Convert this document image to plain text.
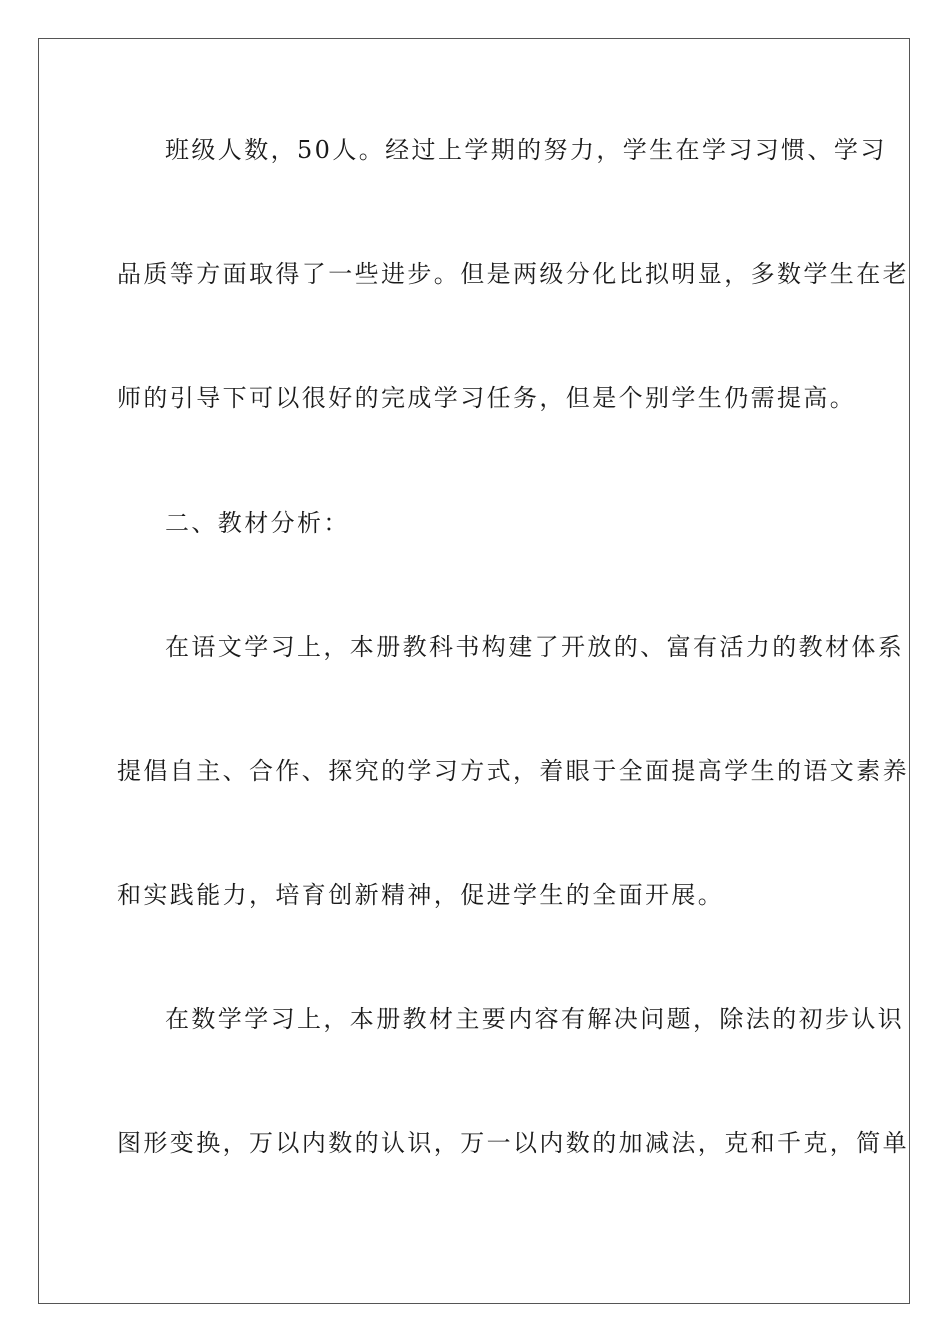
班级人数，50人。经过上学期的努力，学生在学习习惯、学习

品质等方面取得了一些进步。但是两级分化比拟明显，多数学生在老

师的引导下可以很好的完成学习任务，但是个别学生仍需提高。

二、教材分析：

在语文学习上，本册教科书构建了开放的、富有活力的教材体系

提倡自主、合作、探究的学习方式，着眼于全面提高学生的语文素养

和实践能力，培育创新精神，促进学生的全面开展。

在数学学习上，本册教材主要内容有解决问题，除法的初步认识

图形变换，万以内数的认识，万一以内数的加减法，克和千克，简单
